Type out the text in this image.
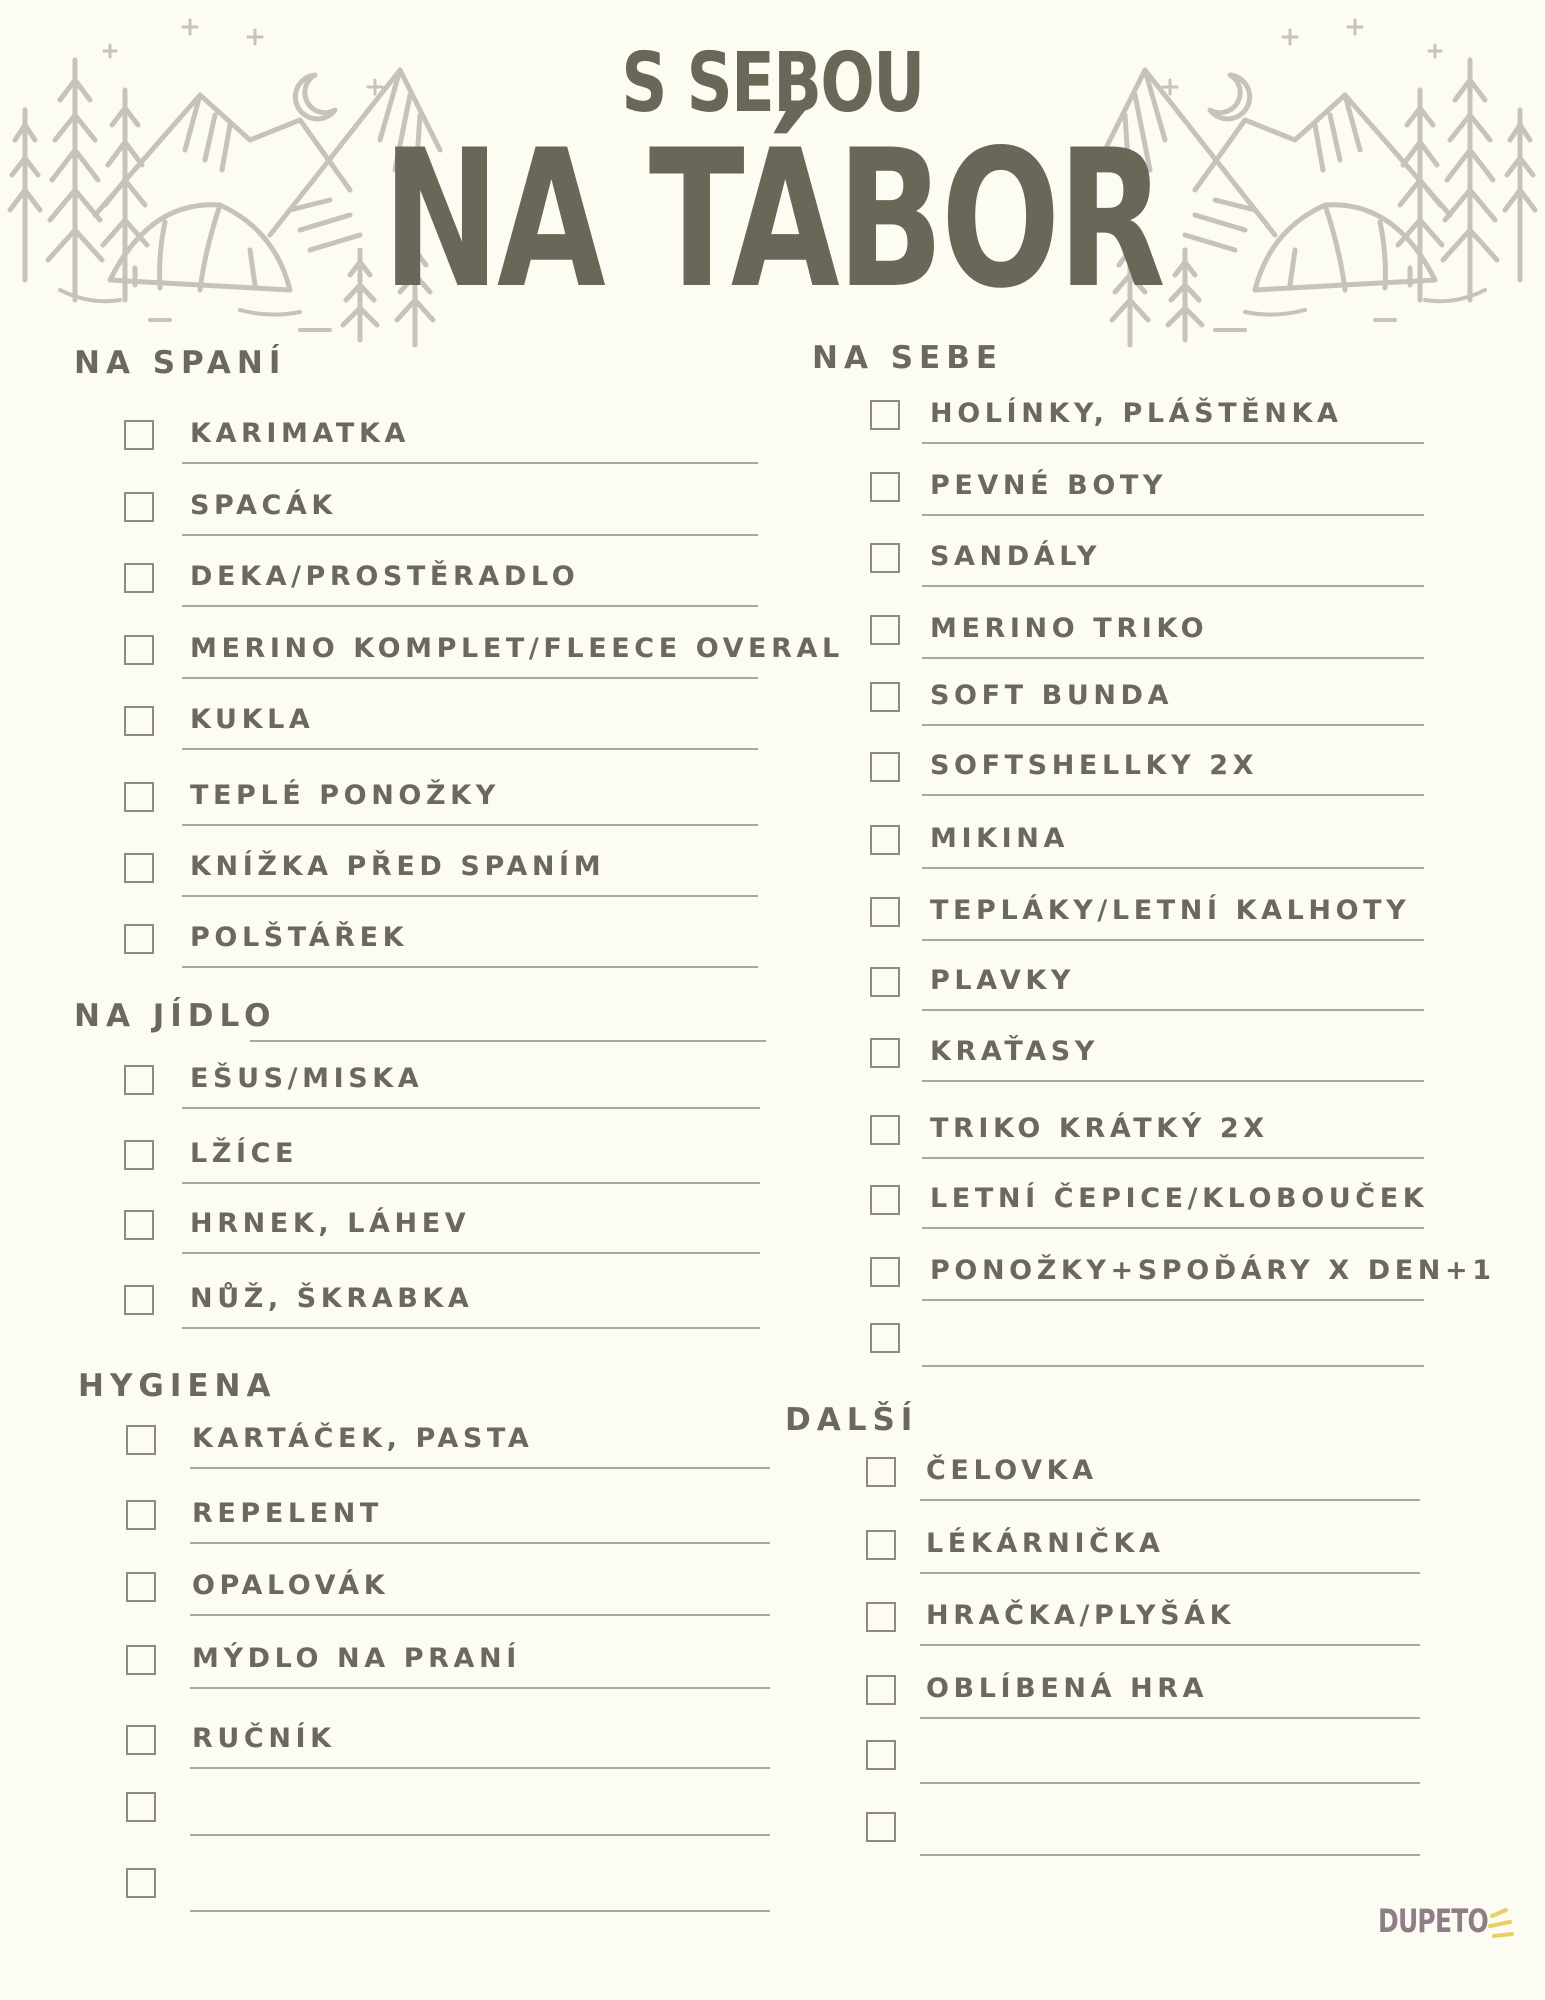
S SEBOU
NA TÁBOR
NA SPANÍ
NA JÍDLO
HYGIENA
NA SEBE
DALŠÍ
KARIMATKA
SPACÁK
DEKA/PROSTĚRADLO
MERINO KOMPLET/FLEECE OVERAL
KUKLA
TEPLÉ PONOŽKY
KNÍŽKA PŘED SPANÍM
POLŠTÁŘEK
EŠUS/MISKA
LŽÍCE
HRNEK, LÁHEV
NŮŽ, ŠKRABKA
KARTÁČEK, PASTA
REPELENT
OPALOVÁK
MÝDLO NA PRANÍ
RUČNÍK
HOLÍNKY, PLÁŠTĚNKA
PEVNÉ BOTY
SANDÁLY
MERINO TRIKO
SOFT BUNDA
SOFTSHELLKY 2X
MIKINA
TEPLÁKY/LETNÍ KALHOTY
PLAVKY
KRAŤASY
TRIKO KRÁTKÝ 2X
LETNÍ ČEPICE/KLOBOUČEK
PONOŽKY+SPOĎÁRY X DEN+1
ČELOVKA
LÉKÁRNIČKA
HRAČKA/PLYŠÁK
OBLÍBENÁ HRA
DUPETO
